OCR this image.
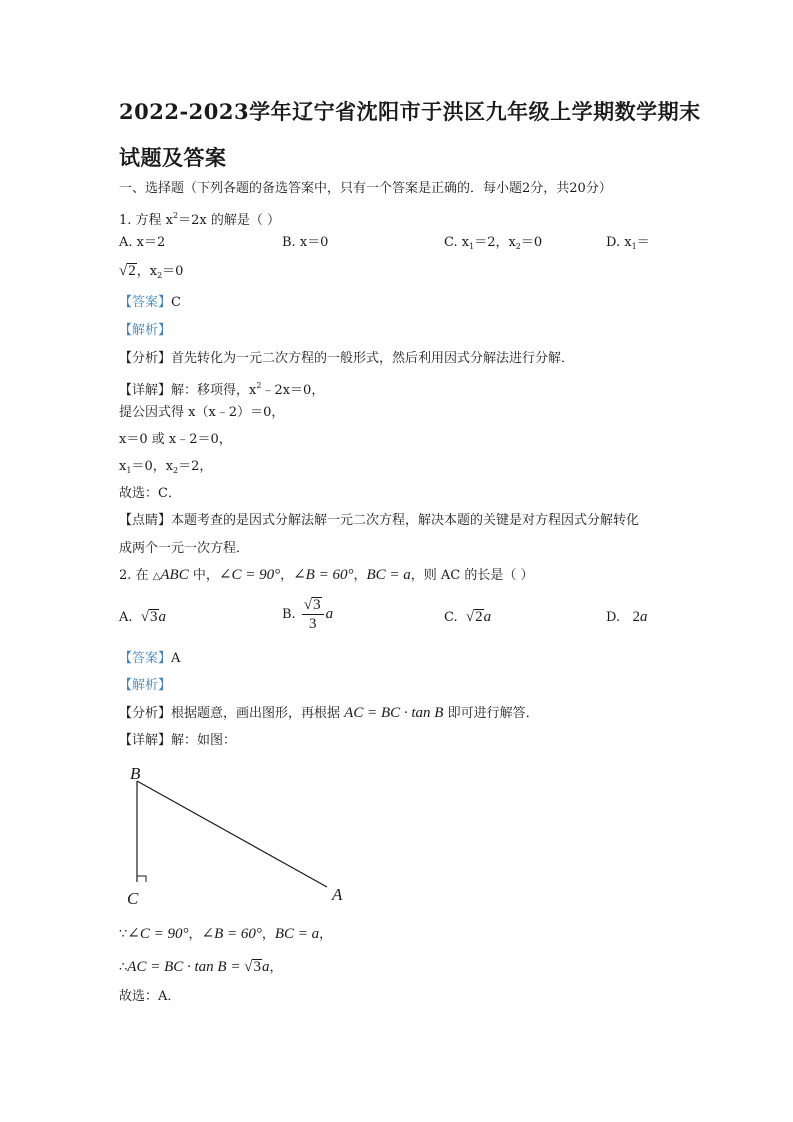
2022-2023学年辽宁省沈阳市于洪区九年级上学期数学期末
试题及答案
一、选择题（下列各题的备选答案中，只有一个答案是正确的．每小题2分，共20分）
1. 方程 $x^2=2x$ 的解是（ ）
A. x＝2	B. x＝0	C. $x_1=2$，$x_2=0$	D. $x_1=$
√2，$x_2=0$
【答案】C
【解析】
【分析】首先转化为一元二次方程的一般形式，然后利用因式分解法进行分解．
【详解】解：移项得，$x^2﹣2x=0$，
提公因式得 x（x﹣2）＝0，
x＝0 或 x﹣2＝0，
$x_1=0$，$x_2=2$，
故选：C．
【点睛】本题考查的是因式分解法解一元二次方程，解决本题的关键是对方程因式分解转化
成两个一元一次方程．
2. 在 △ABC 中，∠C = 90°，∠B = 60°，BC = a，则 AC 的长是（ ）
A. √3a	B. $\frac{√3}{3}$ a	C. √2a	D. 2a
【答案】A
【解析】
【分析】根据题意，画出图形，再根据 AC = BC · tan B 即可进行解答．
【详解】解：如图：
B
C	A
∵∠C = 90°，∠B = 60°，BC = a，
∴AC = BC · tan B = √3a，
故选：A．
